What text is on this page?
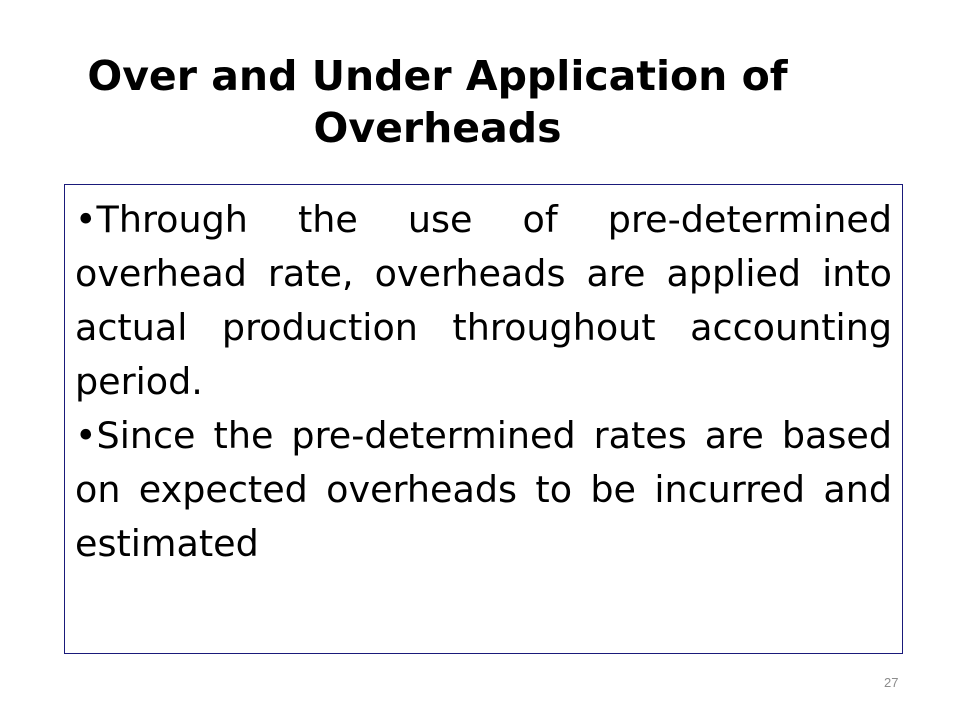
Over and Under Application of
Overheads
•Through the use of pre-determined overhead rate, overheads are applied into actual production throughout accounting period.
•Since the pre-determined rates are based on expected overheads to be incurred and estimated
27
